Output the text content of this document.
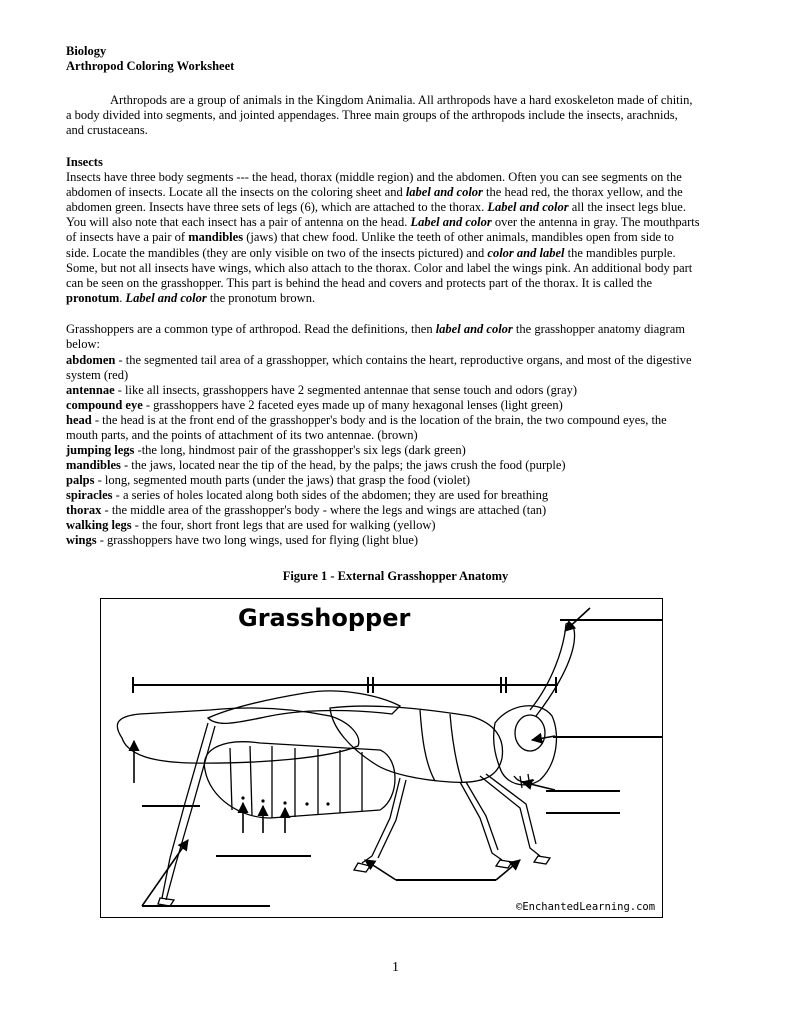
Biology
Arthropod Coloring Worksheet

Arthropods are a group of animals in the Kingdom Animalia. All arthropods have a hard exoskeleton made of chitin, a body divided into segments, and jointed appendages. Three main groups of the arthropods include the insects, arachnids, and crustaceans.

Insects

Insects have three body segments --- the head, thorax (middle region) and the abdomen. Often you can see segments on the abdomen of insects. Locate all the insects on the coloring sheet and label and color the head red, the thorax yellow, and the abdomen green. Insects have three sets of legs (6), which are attached to the thorax. Label and color all the insect legs blue. You will also note that each insect has a pair of antenna on the head. Label and color over the antenna in gray. The mouthparts of insects have a pair of mandibles (jaws) that chew food. Unlike the teeth of other animals, mandibles open from side to side. Locate the mandibles (they are only visible on two of the insects pictured) and color and label the mandibles purple. Some, but not all insects have wings, which also attach to the thorax. Color and label the wings pink. An additional body part can be seen on the grasshopper. This part is behind the head and covers and protects part of the thorax. It is called the pronotum. Label and color the pronotum brown.

Grasshoppers are a common type of arthropod. Read the definitions, then label and color the grasshopper anatomy diagram below:

abdomen - the segmented tail area of a grasshopper, which contains the heart, reproductive organs, and most of the digestive system (red)

antennae - like all insects, grasshoppers have 2 segmented antennae that sense touch and odors (gray)

compound eye - grasshoppers have 2 faceted eyes made up of many hexagonal lenses (light green)

head - the head is at the front end of the grasshopper's body and is the location of the brain, the two compound eyes, the mouth parts, and the points of attachment of its two antennae. (brown)

jumping legs -the long, hindmost pair of the grasshopper's six legs (dark green)

mandibles - the jaws, located near the tip of the head, by the palps; the jaws crush the food (purple)

palps - long, segmented mouth parts (under the jaws) that grasp the food (violet)

spiracles - a series of holes located along both sides of the abdomen; they are used for breathing

thorax - the middle area of the grasshopper's body - where the legs and wings are attached (tan)

walking legs - the four, short front legs that are used for walking (yellow)

wings - grasshoppers have two long wings, used for flying (light blue)

Figure 1 - External Grasshopper Anatomy
Grasshopper
©EnchantedLearning.com
1
